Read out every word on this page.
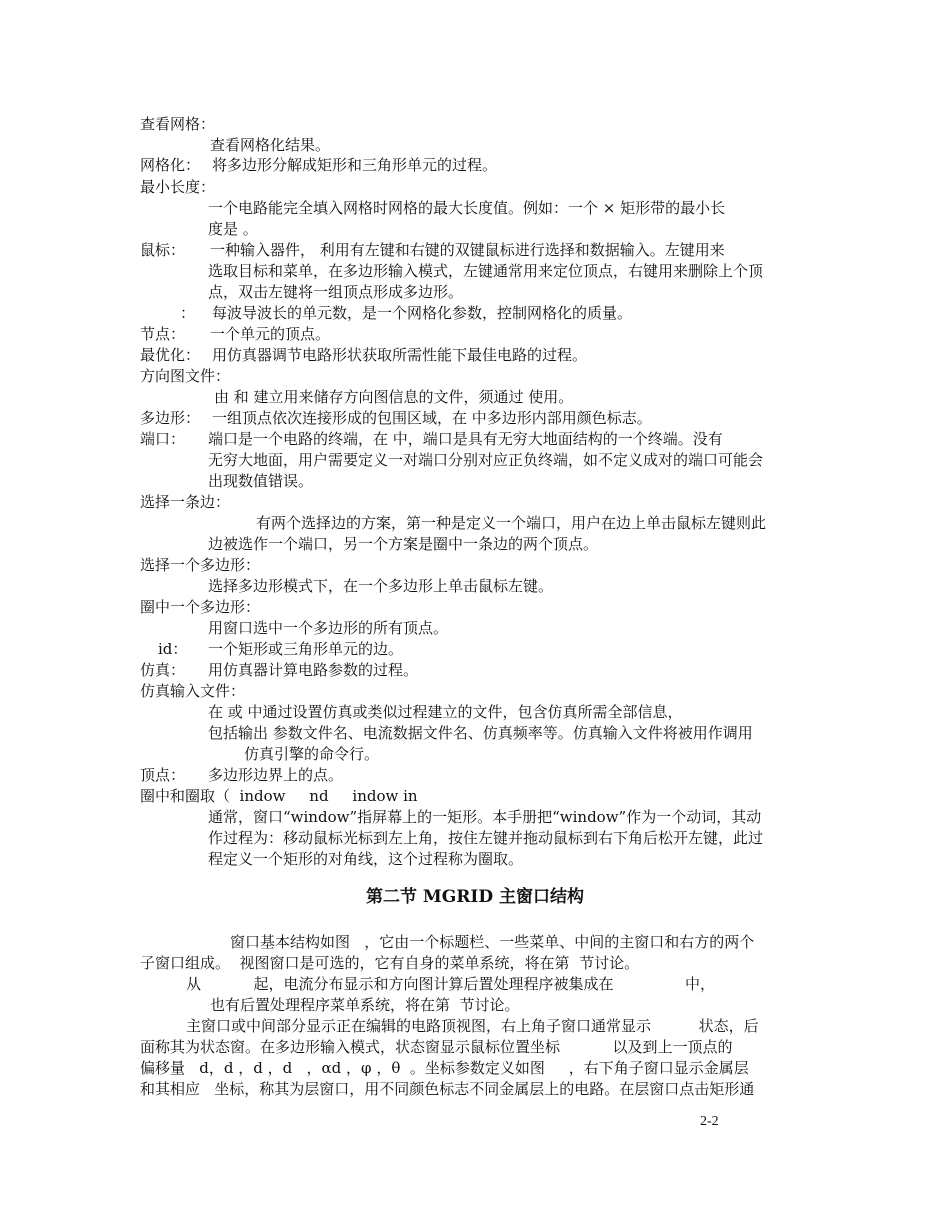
查看网格：
查看网格化结果。
网格化： 将多边形分解成矩形和三角形单元的过程。
最小长度：
一个电路能完全填入网格时网格的最大长度值。例如：一个 × 矩形带的最小长
度是 。
鼠标： 一种输入器件， 利用有左键和右键的双键鼠标进行选择和数据输入。左键用来
选取目标和菜单，在多边形输入模式，左键通常用来定位顶点，右键用来删除上个顶
点，双击左键将一组顶点形成多边形。
： 每波导波长的单元数，是一个网格化参数，控制网格化的质量。
节点： 一个单元的顶点。
最优化： 用仿真器调节电路形状获取所需性能下最佳电路的过程。
方向图文件：
由 和 建立用来储存方向图信息的文件，须通过 使用。
多边形： 一组顶点依次连接形成的包围区域，在 中多边形内部用颜色标志。
端口： 端口是一个电路的终端，在 中，端口是具有无穷大地面结构的一个终端。没有
无穷大地面，用户需要定义一对端口分别对应正负终端，如不定义成对的端口可能会
出现数值错误。
选择一条边：
有两个选择边的方案，第一种是定义一个端口，用户在边上单击鼠标左键则此
边被选作一个端口，另一个方案是圈中一条边的两个顶点。
选择一个多边形：
选择多边形模式下，在一个多边形上单击鼠标左键。
圈中一个多边形：
用窗口选中一个多边形的所有顶点。
id： 一个矩形或三角形单元的边。
仿真： 用仿真器计算电路参数的过程。
仿真输入文件：
在 或 中通过设置仿真或类似过程建立的文件，包含仿真所需全部信息，
包括输出 参数文件名、电流数据文件名、仿真频率等。仿真输入文件将被用作调用
仿真引擎的命令行。
顶点： 多边形边界上的点。
圈中和圈取（  indow     nd     indow in
通常，窗口“window”指屏幕上的一矩形。本手册把“window”作为一个动词，其动
作过程为：移动鼠标光标到左上角，按住左键并拖动鼠标到右下角后松开左键，此过
程定义一个矩形的对角线，这个过程称为圈取。
第二节 MGRID 主窗口结构
窗口基本结构如图   ，它由一个标题栏、一些菜单、中间的主窗口和右方的两个
子窗口组成。  视图窗口是可选的，它有自身的菜单系统，将在第  节讨论。
从           起，电流分布显示和方向图计算后置处理程序被集成在               中，
也有后置处理程序菜单系统，将在第  节讨论。
主窗口或中间部分显示正在编辑的电路顶视图，右上角子窗口通常显示          状态，后
面称其为状态窗。在多边形输入模式，状态窗显示鼠标位置坐标           以及到上一顶点的
偏移量   d，d ，d ，d   ，αd ，φ ，θ  。坐标参数定义如图     ，右下角子窗口显示金属层
和其相应   坐标，称其为层窗口，用不同颜色标志不同金属层上的电路。在层窗口点击矩形通
2-2
